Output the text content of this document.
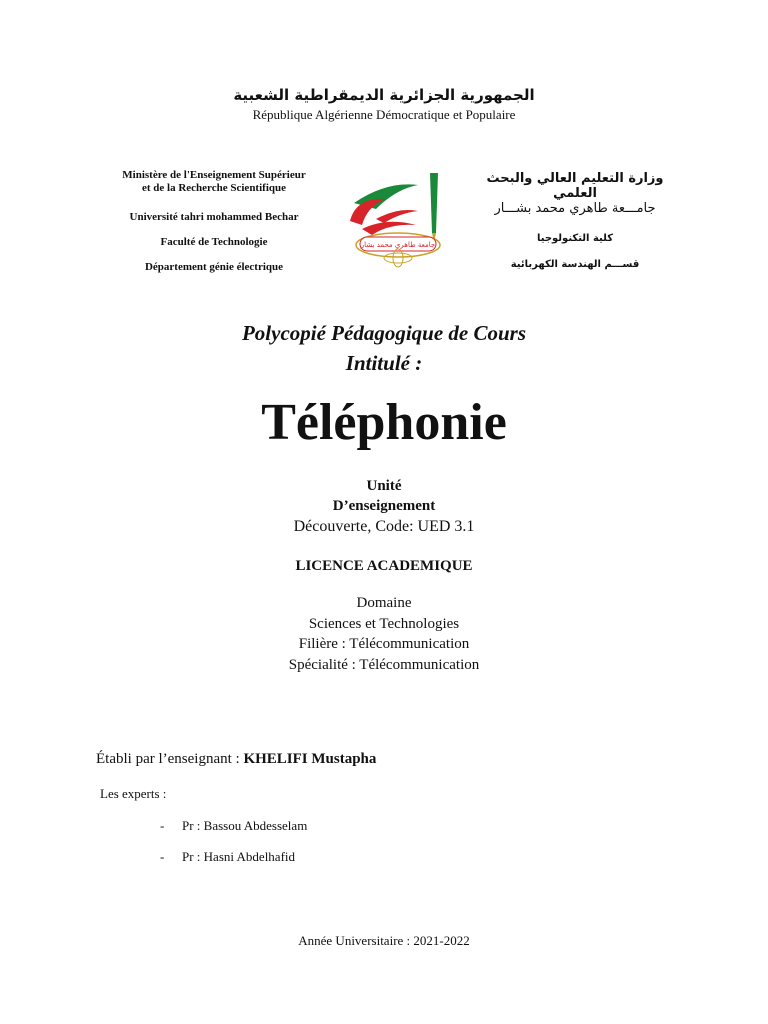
الجمهورية الجزائرية الديمقراطية الشعبية
République Algérienne Démocratique et Populaire
Ministère de l'Enseignement Supérieur
et de la Recherche Scientifique
Université tahri mohammed Bechar
Faculté de Technologie
Département génie électrique
وزارة التعليم العالي والبحث العلمي
جامـــعة طاهري محمد بشـــار
كلية التكنولوجيا
قســـم الهندسة الكهربائية
جامعة طاهري محمد بشار
Polycopié Pédagogique de Cours
Intitulé :
Téléphonie
Unité
D’enseignement
Découverte, Code: UED 3.1
LICENCE ACADEMIQUE
Domaine
Sciences et Technologies
Filière : Télécommunication
Spécialité : Télécommunication
Établi par l’enseignant : KHELIFI Mustapha
Les experts :
- Pr : Bassou Abdesselam
- Pr : Hasni Abdelhafid
Année Universitaire : 2021-2022
